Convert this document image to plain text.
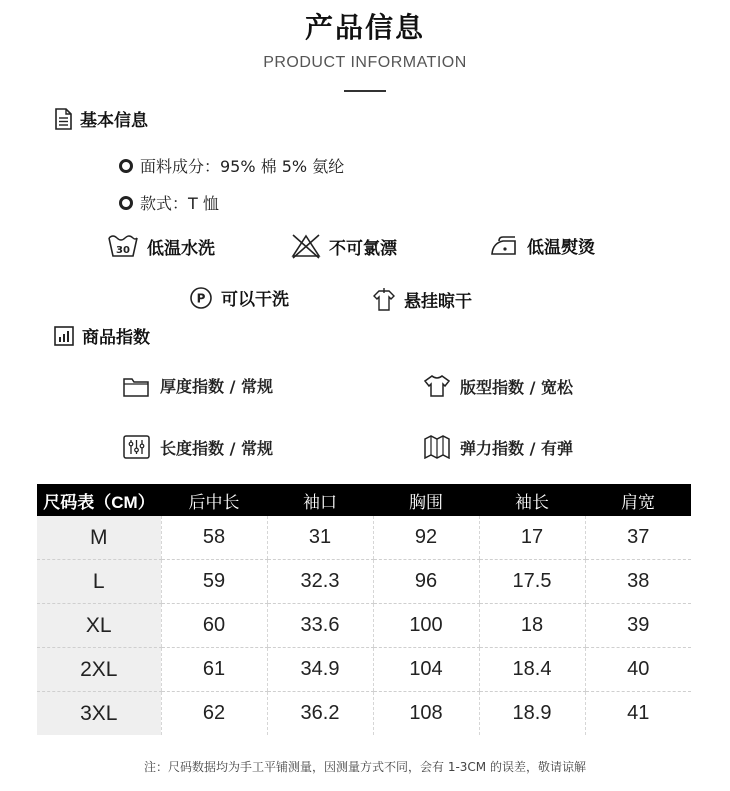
产品信息
PRODUCT INFORMATION
基本信息
面料成分：95% 棉 5% 氨纶
款式：T 恤
30 低温水洗	不可氯漂	低温熨烫
P 可以干洗	悬挂晾干
商品指数
厚度指数 / 常规	版型指数 / 宽松
长度指数 / 常规	弹力指数 / 有弹
尺码表（CM）	后中长	袖口	胸围	袖长	肩宽
M	58	31	92	17	37
L	59	32.3	96	17.5	38
XL	60	33.6	100	18	39
2XL	61	34.9	104	18.4	40
3XL	62	36.2	108	18.9	41
注：尺码数据均为手工平铺测量，因测量方式不同，会有 1-3CM 的误差，敬请谅解
